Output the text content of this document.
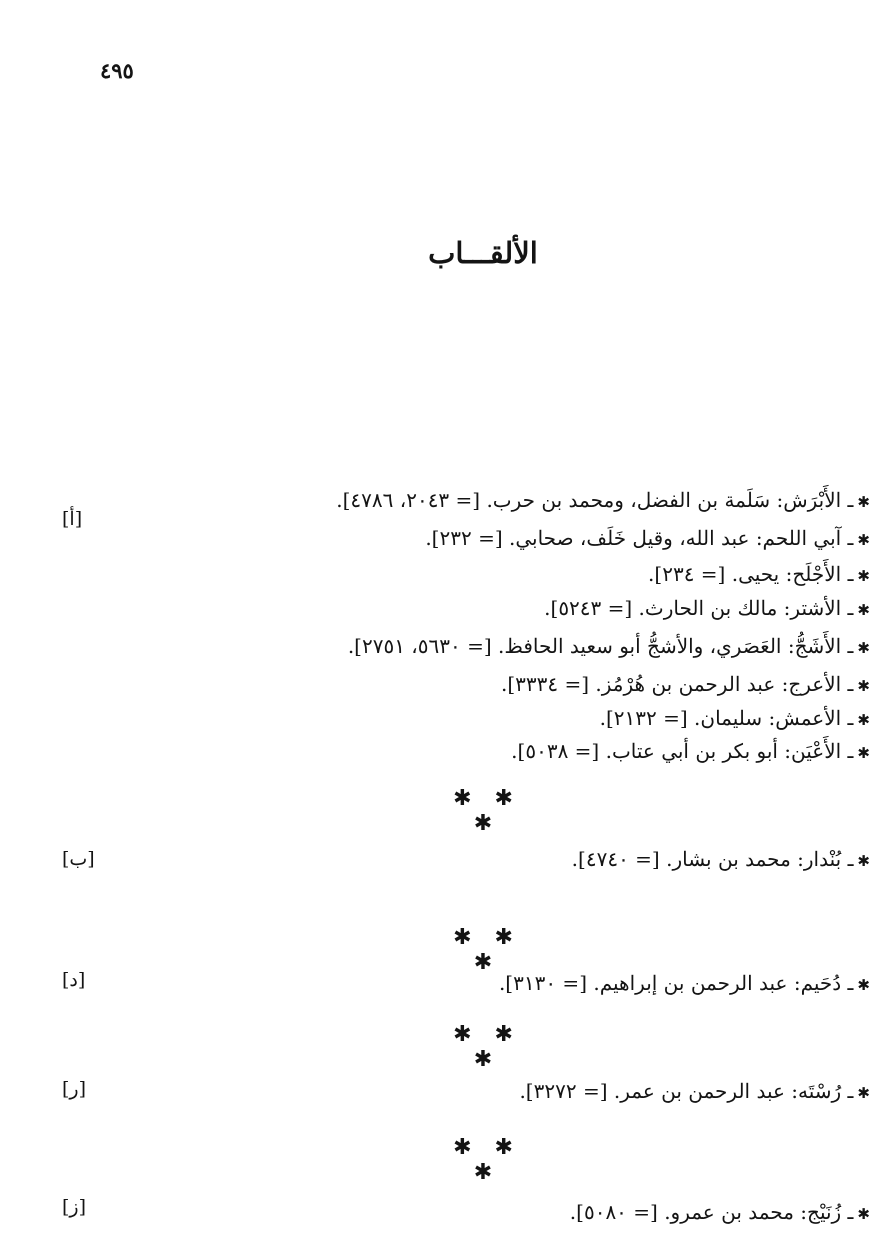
٤٩٥
الألقـــاب
[أ]
✱ـ الأَبْرَش: سَلَمة بن الفضل، ومحمد بن حرب. [= ٢٠٤٣، ٤٧٨٦].
✱ـ آبي اللحم: عبد الله، وقيل خَلَف، صحابي. [= ٢٣٢].
✱ـ الأَجْلَح: يحيى. [= ٢٣٤].
✱ـ الأشتر: مالك بن الحارث. [= ٥٢٤٣].
✱ـ الأَشَجُّ: العَصَري، والأشجُّ أبو سعيد الحافظ. [= ٥٦٣٠، ٢٧٥١].
✱ـ الأعرج: عبد الرحمن بن هُرْمُز. [= ٣٣٣٤].
✱ـ الأعمش: سليمان. [= ٢١٣٢].
✱ـ الأَعْيَن: أبو بكر بن أبي عتاب. [= ٥٠٣٨].
✱ ✱ ✱
[ب]	✱ـ بُنْدار: محمد بن بشار. [= ٤٧٤٠].
✱ ✱ ✱
[د]	✱ـ دُحَيم: عبد الرحمن بن إبراهيم. [= ٣١٣٠].
✱ ✱ ✱
[ر]	✱ـ رُسْتَه: عبد الرحمن بن عمر. [= ٣٢٧٢].
✱ ✱ ✱
[ز]	✱ـ زُنَيْج: محمد بن عمرو. [= ٥٠٨٠].
